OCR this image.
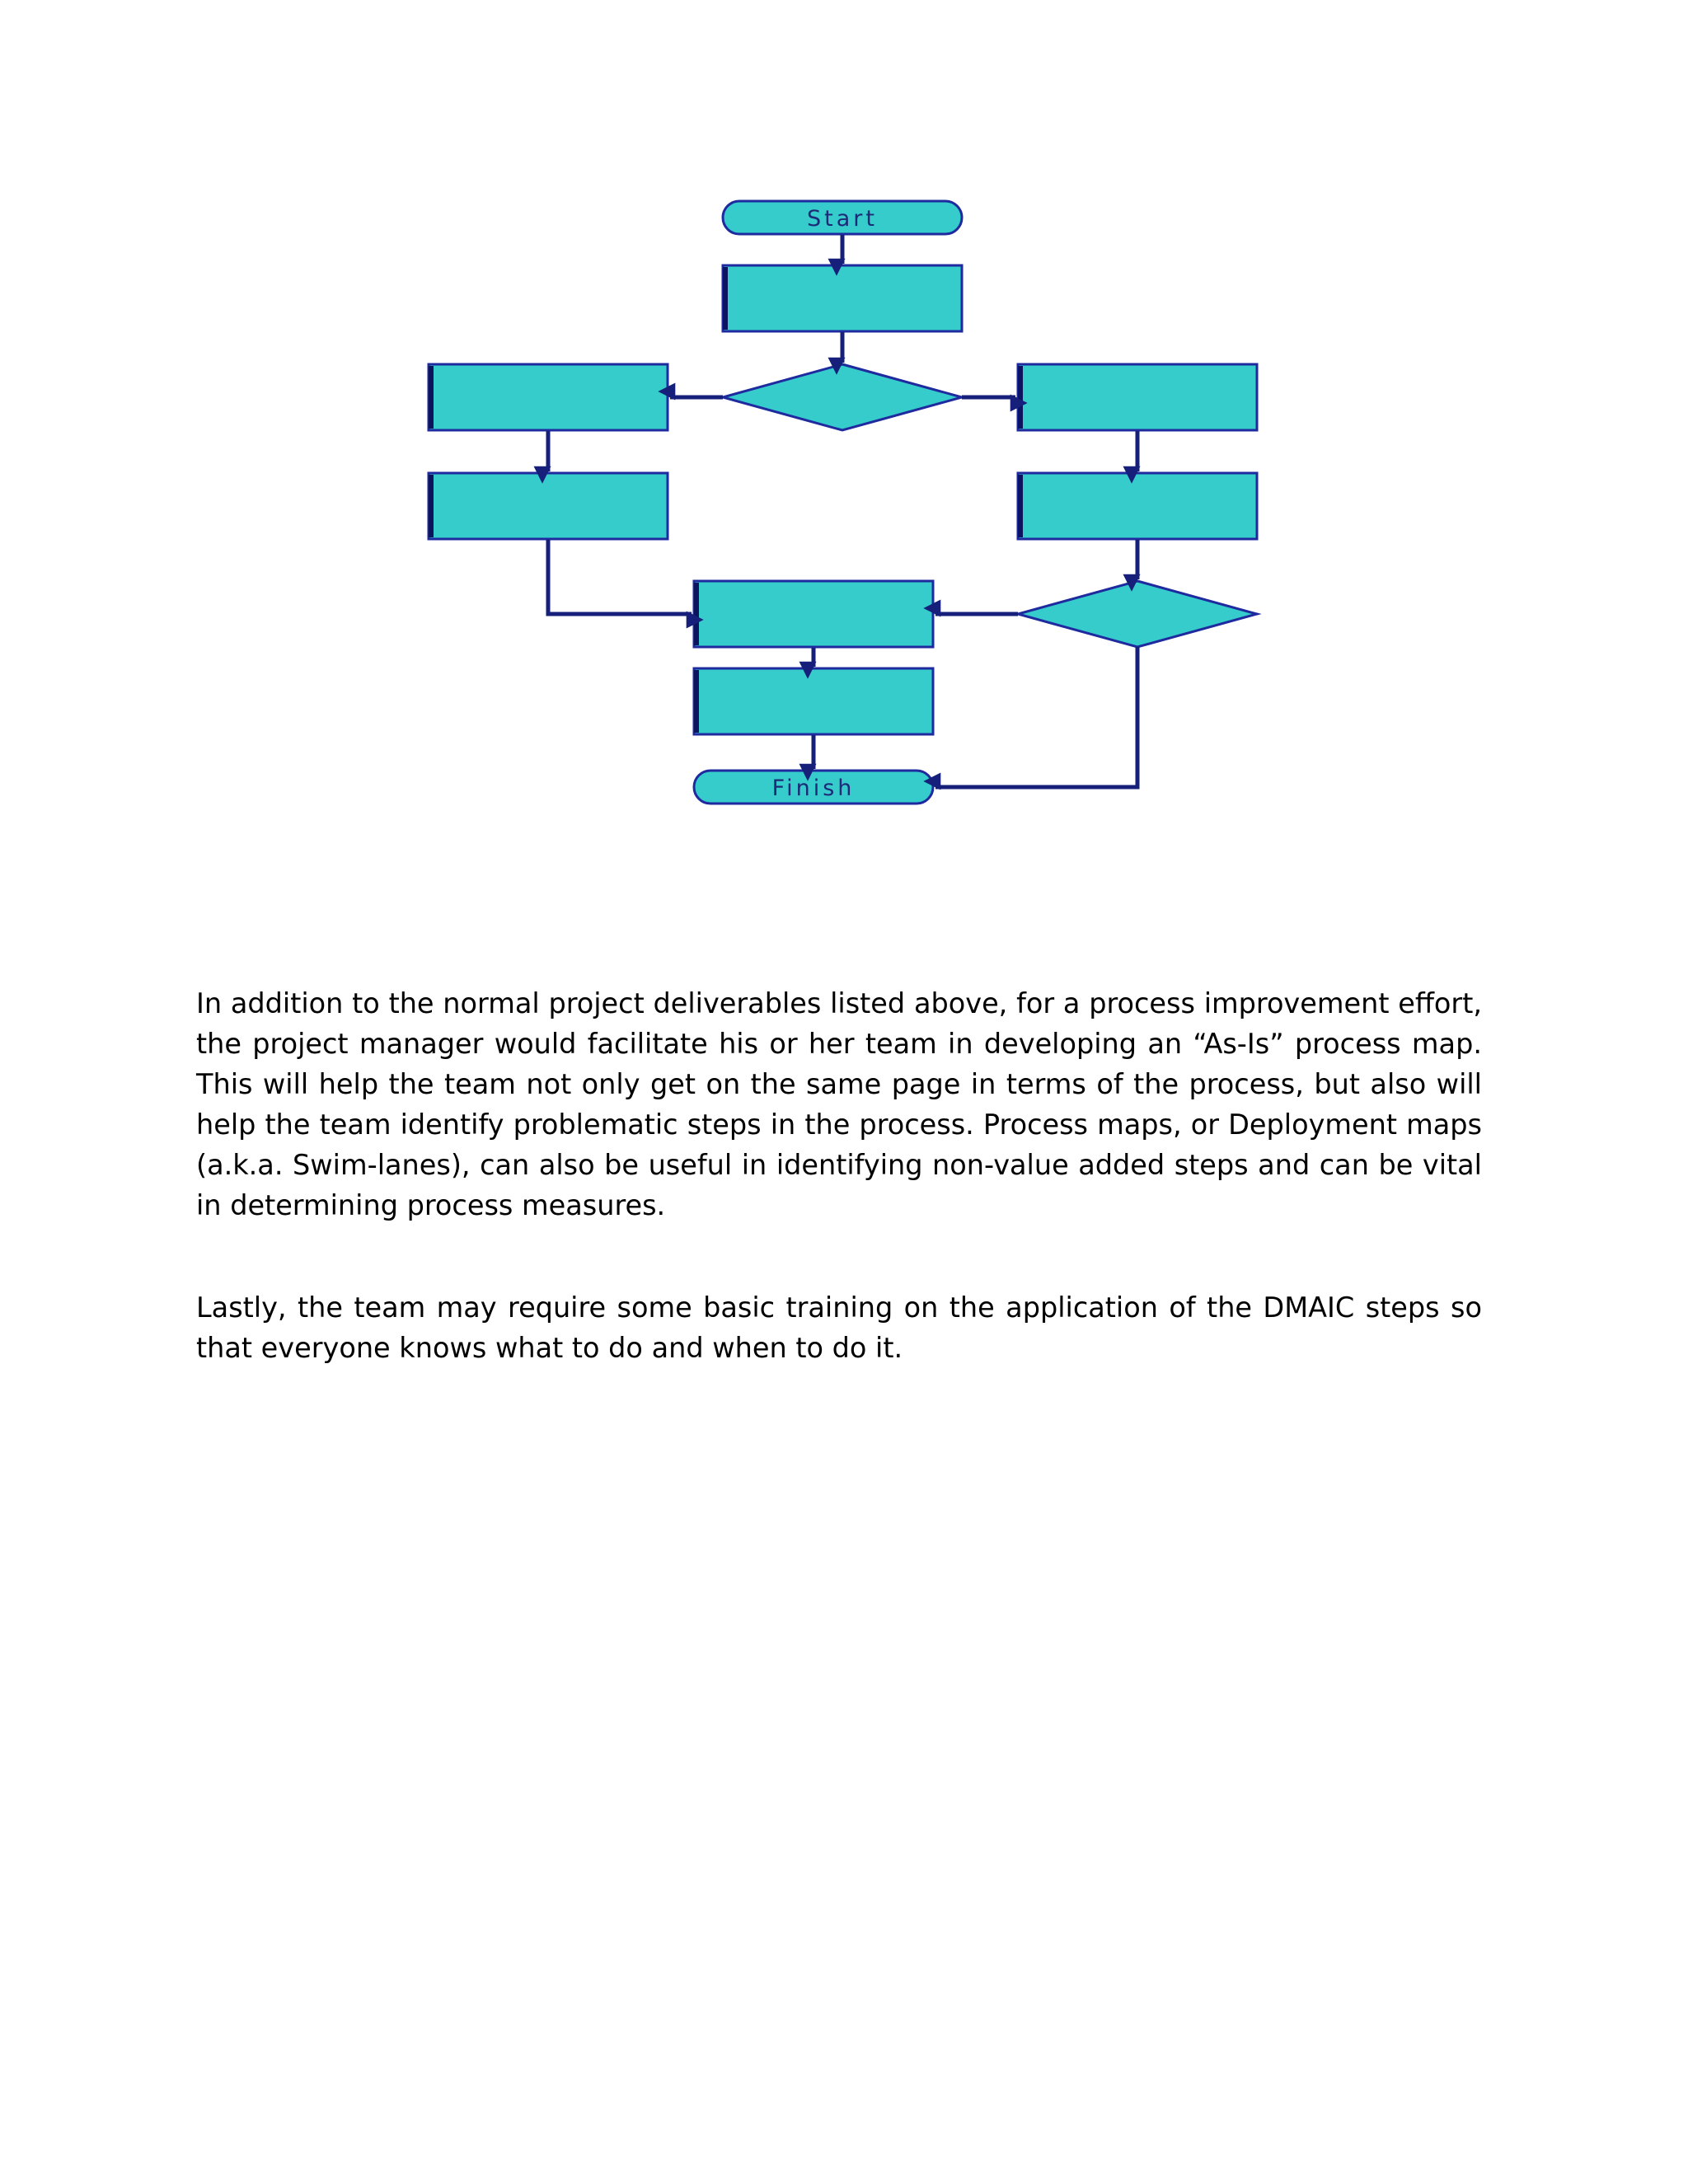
Start
Finish

In addition to the normal project deliverables listed above, for a process improvement effort, the project manager would facilitate his or her team in developing an “As-Is” process map. This will help the team not only get on the same page in terms of the process, but also will help the team identify problematic steps in the process. Process maps, or Deployment maps (a.k.a. Swim-lanes), can also be useful in identifying non-value added steps and can be vital in determining process measures.

Lastly, the team may require some basic training on the application of the DMAIC steps so that everyone knows what to do and when to do it.
